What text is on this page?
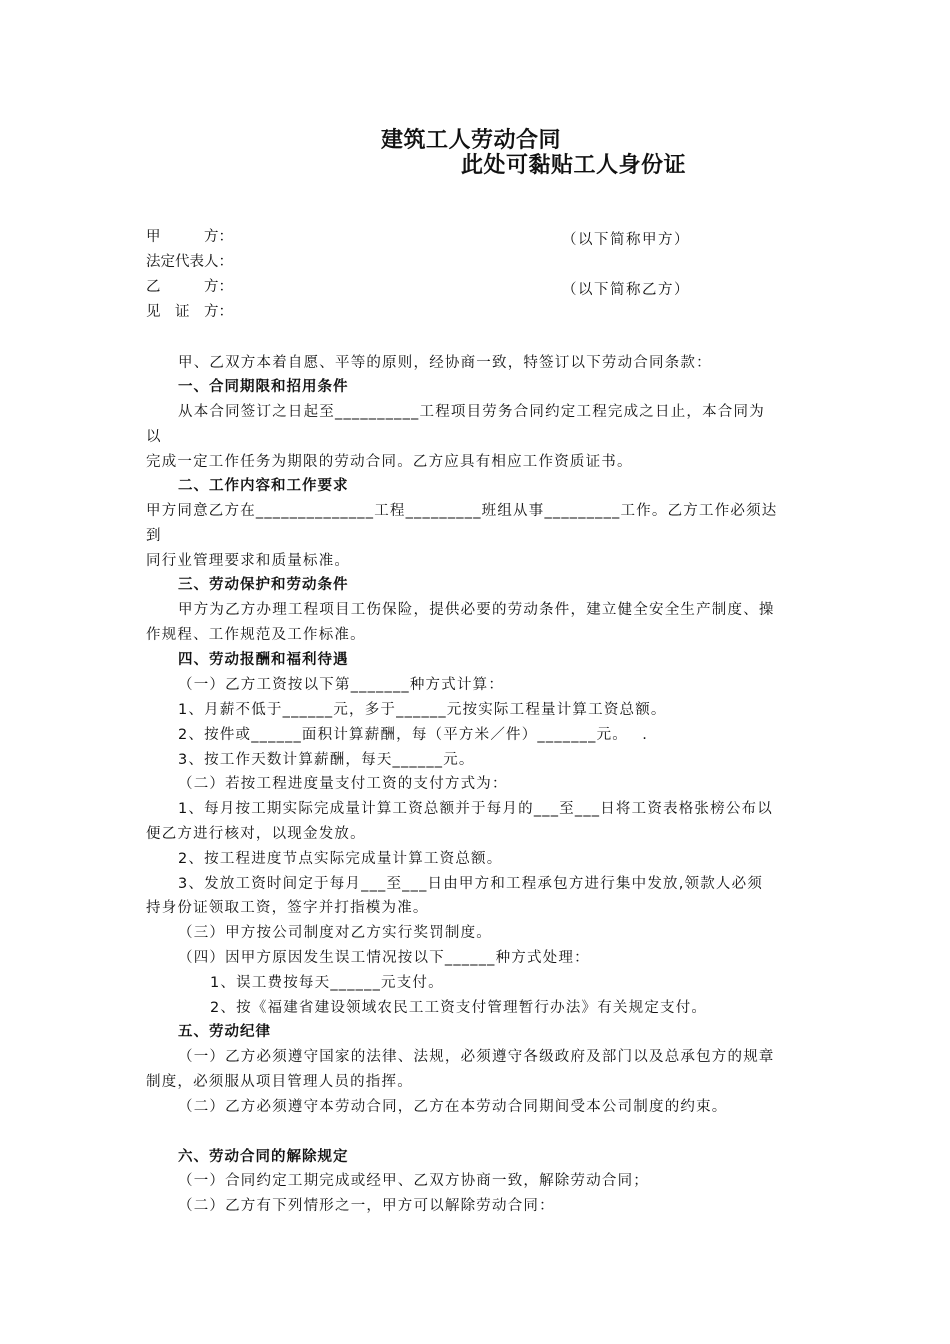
建筑工人劳动合同
此处可黏贴工人身份证
甲　　　方：	（以下简称甲方）
法定代表人：
乙　　　方：	（以下简称乙方）
见　证　方：
甲、乙双方本着自愿、平等的原则，经协商一致，特签订以下劳动合同条款：
一、合同期限和招用条件
从本合同签订之日起至__________工程项目劳务合同约定工程完成之日止，本合同为
以
完成一定工作任务为期限的劳动合同。乙方应具有相应工作资质证书。
二、工作内容和工作要求
甲方同意乙方在______________工程_________班组从事_________工作。乙方工作必须达
到
同行业管理要求和质量标准。
三、劳动保护和劳动条件
甲方为乙方办理工程项目工伤保险，提供必要的劳动条件，建立健全安全生产制度、操
作规程、工作规范及工作标准。
四、劳动报酬和福利待遇
（一）乙方工资按以下第_______种方式计算：
1、月薪不低于______元，多于______元按实际工程量计算工资总额。
2、按件或______面积计算薪酬，每（平方米／件）_______元。　 .
3、按工作天数计算薪酬，每天______元。
（二）若按工程进度量支付工资的支付方式为：
1、每月按工期实际完成量计算工资总额并于每月的___至___日将工资表格张榜公布以
便乙方进行核对，以现金发放。
2、按工程进度节点实际完成量计算工资总额。
3、发放工资时间定于每月___至___日由甲方和工程承包方进行集中发放,领款人必须
持身份证领取工资，签字并打指模为准。
（三）甲方按公司制度对乙方实行奖罚制度。
（四）因甲方原因发生误工情况按以下______种方式处理：
1、误工费按每天______元支付。
2、按《福建省建设领域农民工工资支付管理暂行办法》有关规定支付。
五、劳动纪律
（一）乙方必须遵守国家的法律、法规，必须遵守各级政府及部门以及总承包方的规章
制度，必须服从项目管理人员的指挥。
（二）乙方必须遵守本劳动合同，乙方在本劳动合同期间受本公司制度的约束。
六、劳动合同的解除规定
（一）合同约定工期完成或经甲、乙双方协商一致，解除劳动合同；
（二）乙方有下列情形之一，甲方可以解除劳动合同：
